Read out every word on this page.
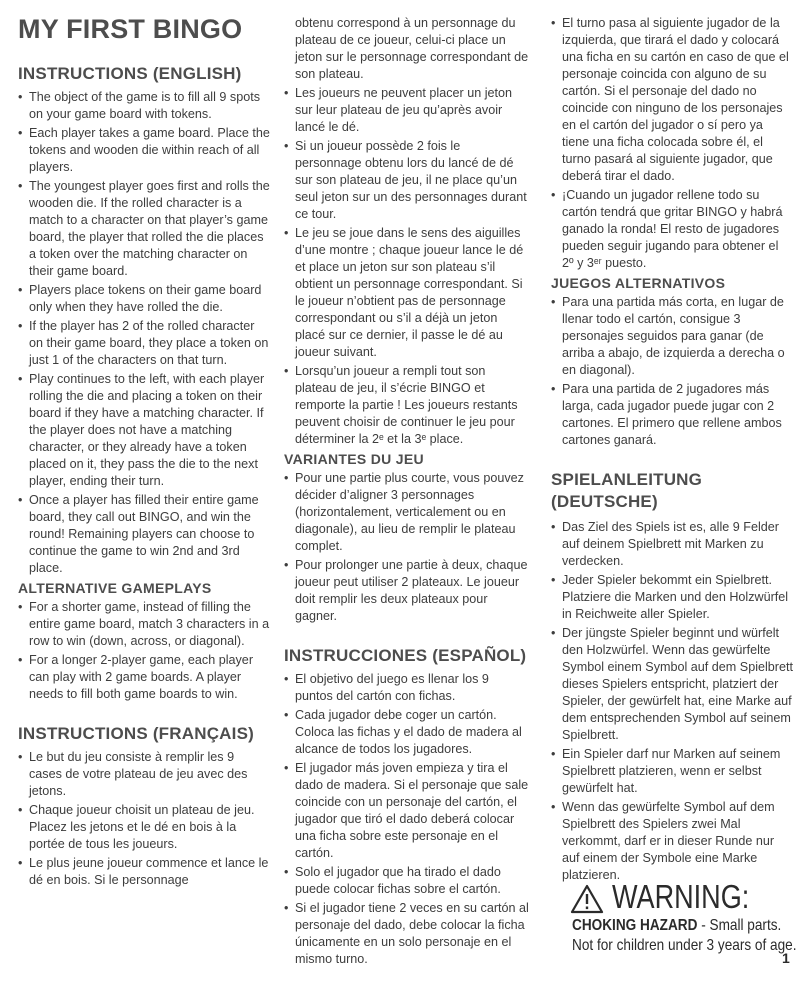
MY FIRST BINGO
INSTRUCTIONS (ENGLISH)
• The object of the game is to fill all 9 spots on your game board with tokens.
• Each player takes a game board. Place the tokens and wooden die within reach of all players.
• The youngest player goes first and rolls the wooden die. If the rolled character is a match to a character on that player’s game board, the player that rolled the die places a token over the matching character on their game board.
• Players place tokens on their game board only when they have rolled the die.
• If the player has 2 of the rolled character on their game board, they place a token on just 1 of the characters on that turn.
• Play continues to the left, with each player rolling the die and placing a token on their board if they have a matching character. If the player does not have a matching character, or they already have a token placed on it, they pass the die to the next player, ending their turn.
• Once a player has filled their entire game board, they call out BINGO, and win the round! Remaining players can choose to continue the game to win 2nd and 3rd place.
ALTERNATIVE GAMEPLAYS
• For a shorter game, instead of filling the entire game board, match 3 characters in a row to win (down, across, or diagonal).
• For a longer 2-player game, each player can play with 2 game boards. A player needs to fill both game boards to win.
INSTRUCTIONS (FRANÇAIS)
• Le but du jeu consiste à remplir les 9 cases de votre plateau de jeu avec des jetons.
• Chaque joueur choisit un plateau de jeu. Placez les jetons et le dé en bois à la portée de tous les joueurs.
• Le plus jeune joueur commence et lance le dé en bois. Si le personnage
• obtenu correspond à un personnage du plateau de ce joueur, celui-ci place un jeton sur le personnage correspondant de son plateau.
• Les joueurs ne peuvent placer un jeton sur leur plateau de jeu qu’après avoir lancé le dé.
• Si un joueur possède 2 fois le personnage obtenu lors du lancé de dé sur son plateau de jeu, il ne place qu’un seul jeton sur un des personnages durant ce tour.
• Le jeu se joue dans le sens des aiguilles d’une montre ; chaque joueur lance le dé et place un jeton sur son plateau s’il obtient un personnage correspondant. Si le joueur n’obtient pas de personnage correspondant ou s’il a déjà un jeton placé sur ce dernier, il passe le dé au joueur suivant.
• Lorsqu’un joueur a rempli tout son plateau de jeu, il s’écrie BINGO et remporte la partie ! Les joueurs restants peuvent choisir de continuer le jeu pour déterminer la 2ᵉ et la 3ᵉ place.
VARIANTES DU JEU
• Pour une partie plus courte, vous pouvez décider d’aligner 3 personnages (horizontalement, verticalement ou en diagonale), au lieu de remplir le plateau complet.
• Pour prolonger une partie à deux, chaque joueur peut utiliser 2 plateaux. Le joueur doit remplir les deux plateaux pour gagner.
INSTRUCCIONES (ESPAÑOL)
• El objetivo del juego es llenar los 9 puntos del cartón con fichas.
• Cada jugador debe coger un cartón. Coloca las fichas y el dado de madera al alcance de todos los jugadores.
• El jugador más joven empieza y tira el dado de madera. Si el personaje que sale coincide con un personaje del cartón, el jugador que tiró el dado deberá colocar una ficha sobre este personaje en el cartón.
• Solo el jugador que ha tirado el dado puede colocar fichas sobre el cartón.
• Si el jugador tiene 2 veces en su cartón al personaje del dado, debe colocar la ficha únicamente en un solo personaje en el mismo turno.
• El turno pasa al siguiente jugador de la izquierda, que tirará el dado y colocará una ficha en su cartón en caso de que el personaje coincida con alguno de su cartón. Si el personaje del dado no coincide con ninguno de los personajes en el cartón del jugador o sí pero ya tiene una ficha colocada sobre él, el turno pasará al siguiente jugador, que deberá tirar el dado.
• ¡Cuando un jugador rellene todo su cartón tendrá que gritar BINGO y habrá ganado la ronda! El resto de jugadores pueden seguir jugando para obtener el 2º y 3ᵉʳ puesto.
JUEGOS ALTERNATIVOS
• Para una partida más corta, en lugar de llenar todo el cartón, consigue 3 personajes seguidos para ganar (de arriba a abajo, de izquierda a derecha o en diagonal).
• Para una partida de 2 jugadores más larga, cada jugador puede jugar con 2 cartones. El primero que rellene ambos cartones ganará.
SPIELANLEITUNG (DEUTSCHE)
• Das Ziel des Spiels ist es, alle 9 Felder auf deinem Spielbrett mit Marken zu verdecken.
• Jeder Spieler bekommt ein Spielbrett. Platziere die Marken und den Holzwürfel in Reichweite aller Spieler.
• Der jüngste Spieler beginnt und würfelt den Holzwürfel. Wenn das gewürfelte Symbol einem Symbol auf dem Spielbrett dieses Spielers entspricht, platziert der Spieler, der gewürfelt hat, eine Marke auf dem entsprechenden Symbol auf seinem Spielbrett.
• Ein Spieler darf nur Marken auf seinem Spielbrett platzieren, wenn er selbst gewürfelt hat.
• Wenn das gewürfelte Symbol auf dem Spielbrett des Spielers zwei Mal verkommt, darf er in dieser Runde nur auf einem der Symbole eine Marke platzieren.
WARNING:
CHOKING HAZARD - Small parts.
Not for children under 3 years of age.
1
